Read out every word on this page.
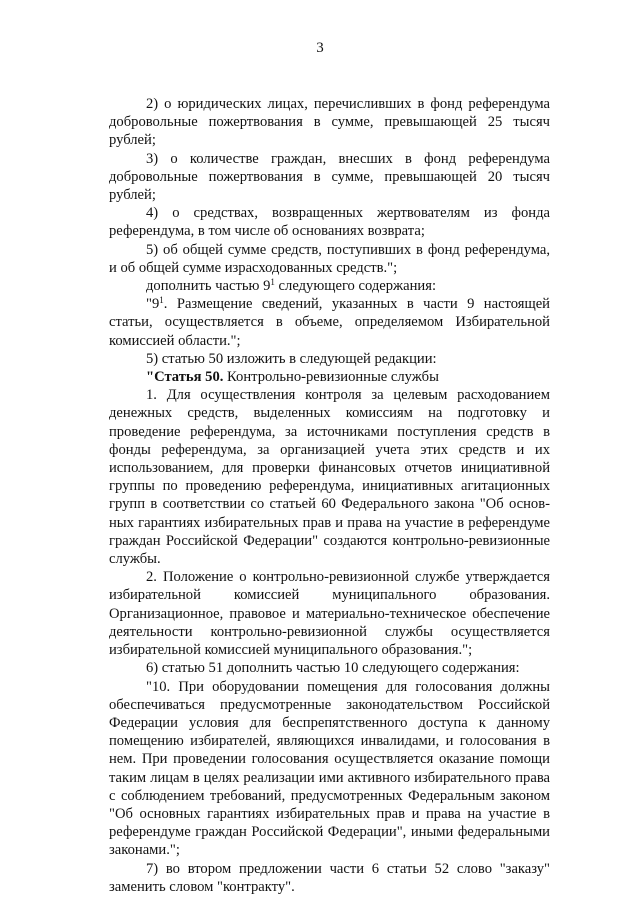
3

2) о юридических лицах, перечисливших в фонд референдума добровольные пожертвования в сумме, превышающей 25 тысяч рублей;

3) о количестве граждан, внесших в фонд референдума добровольные пожертвования в сумме, превышающей 20 тысяч рублей;

4) о средствах, возвращенных жертвователям из фонда референдума, в том числе об основаниях возврата;

5) об общей сумме средств, поступивших в фонд референдума, и об общей сумме израсходованных средств.";

дополнить частью $9^1$ следующего содержания:

"$9^1$. Размещение сведений, указанных в части 9 настоящей статьи, осуществляется в объеме, определяемом Избирательной комиссией области.";

5) статью 50 изложить в следующей редакции:

"Статья 50. Контрольно-ревизионные службы

1. Для осуществления контроля за целевым расходованием денежных средств, выделенных комиссиям на подготовку и проведение референдума, за источниками поступления средств в фонды референдума, за организацией учета этих средств и их использованием, для проверки финансовых отчетов инициативной группы по проведению референдума, инициативных агитационных групп в соответствии со статьей 60 Федерального закона "Об основных гарантиях избирательных прав и права на участие в референдуме граждан Российской Федерации" создаются контрольно-ревизионные службы.

2. Положение о контрольно-ревизионной службе утверждается избирательной комиссией муниципального образования. Организационное, правовое и материально-техническое обеспечение деятельности контрольно-ревизионной службы осуществляется избирательной комиссией муниципального образования.";

6) статью 51 дополнить частью 10 следующего содержания:

"10. При оборудовании помещения для голосования должны обеспечиваться предусмотренные законодательством Российской Федерации условия для беспрепятственного доступа к данному помещению избирателей, являющихся инвалидами, и голосования в нем. При проведении голосования осуществляется оказание помощи таким лицам в целях реализации ими активного избирательного права с соблюдением требований, предусмотренных Федеральным законом "Об основных гарантиях избирательных прав и права на участие в референдуме граждан Российской Федерации", иными федеральными законами.";

7) во втором предложении части 6 статьи 52 слово "заказу" заменить словом "контракту".
